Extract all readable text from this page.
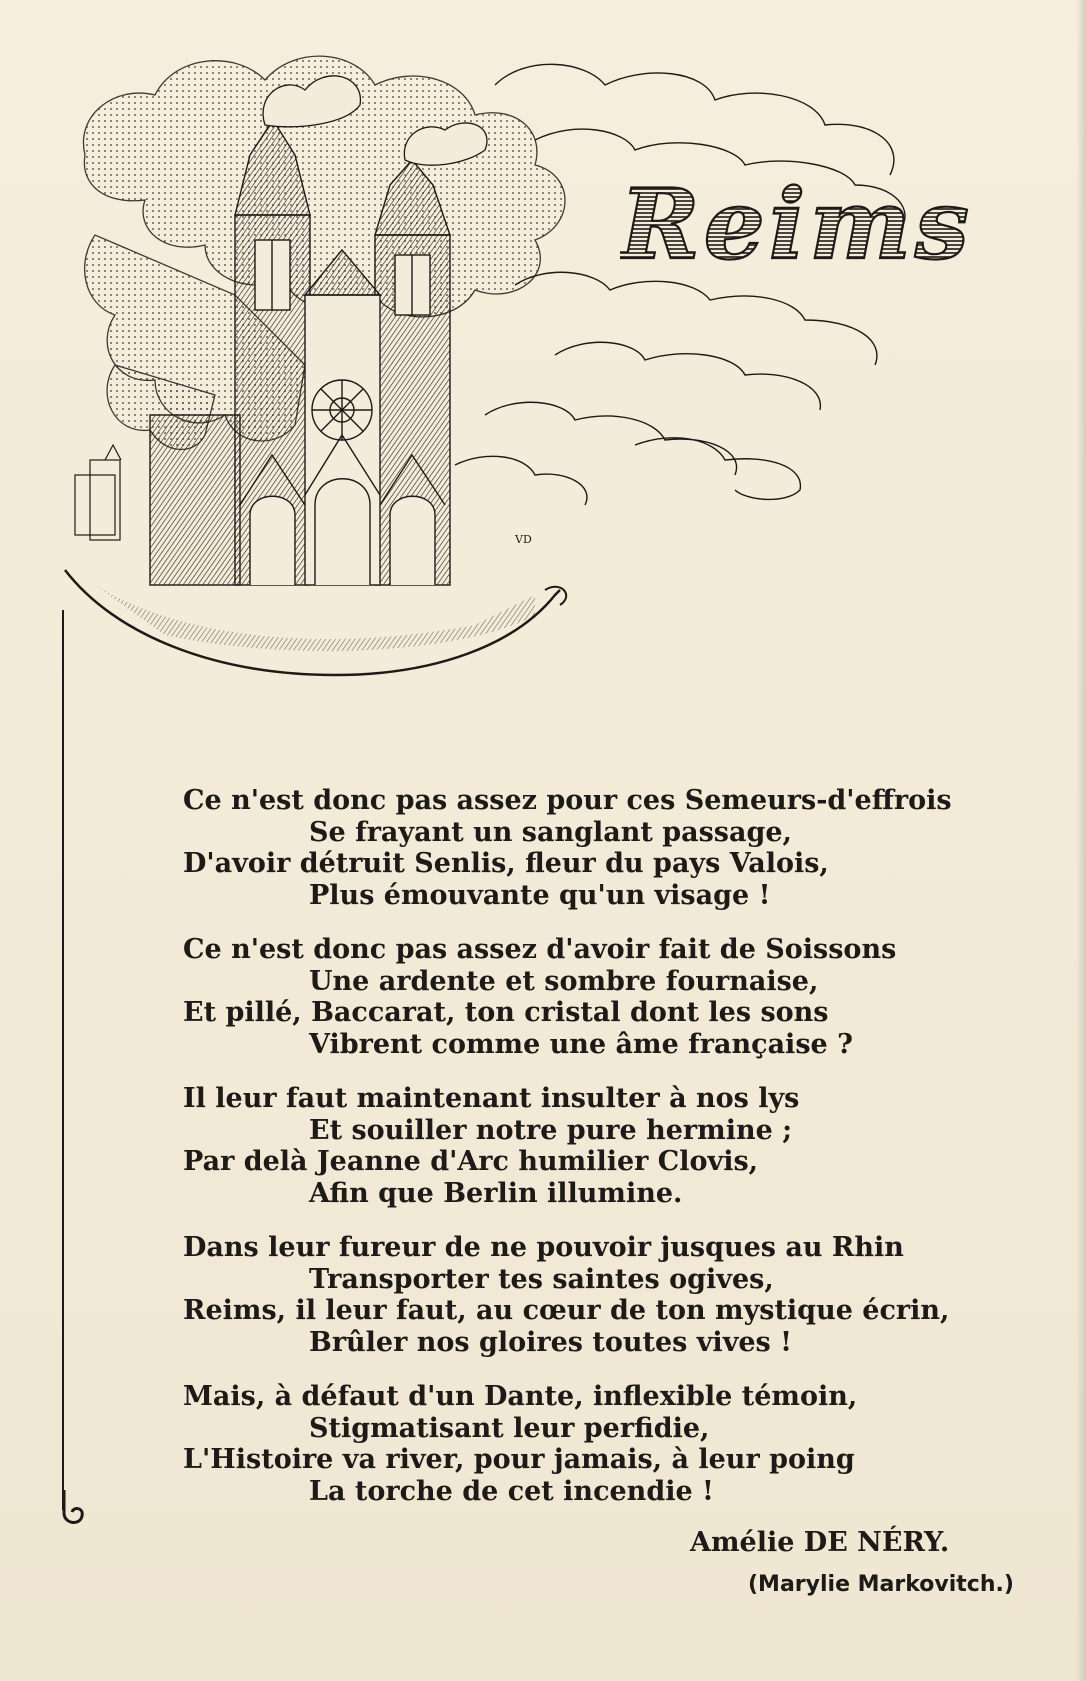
VD
Reims
Ce n'est donc pas assez pour ces Semeurs-d'effrois
Se frayant un sanglant passage,
D'avoir détruit Senlis, fleur du pays Valois,
Plus émouvante qu'un visage !
Ce n'est donc pas assez d'avoir fait de Soissons
Une ardente et sombre fournaise,
Et pillé, Baccarat, ton cristal dont les sons
Vibrent comme une âme française ?
Il leur faut maintenant insulter à nos lys
Et souiller notre pure hermine ;
Par delà Jeanne d'Arc humilier Clovis,
Afin que Berlin illumine.
Dans leur fureur de ne pouvoir jusques au Rhin
Transporter tes saintes ogives,
Reims, il leur faut, au cœur de ton mystique écrin,
Brûler nos gloires toutes vives !
Mais, à défaut d'un Dante, inflexible témoin,
Stigmatisant leur perfidie,
L'Histoire va river, pour jamais, à leur poing
La torche de cet incendie !
Amélie DE NÉRY.
(Marylie Markovitch.)
